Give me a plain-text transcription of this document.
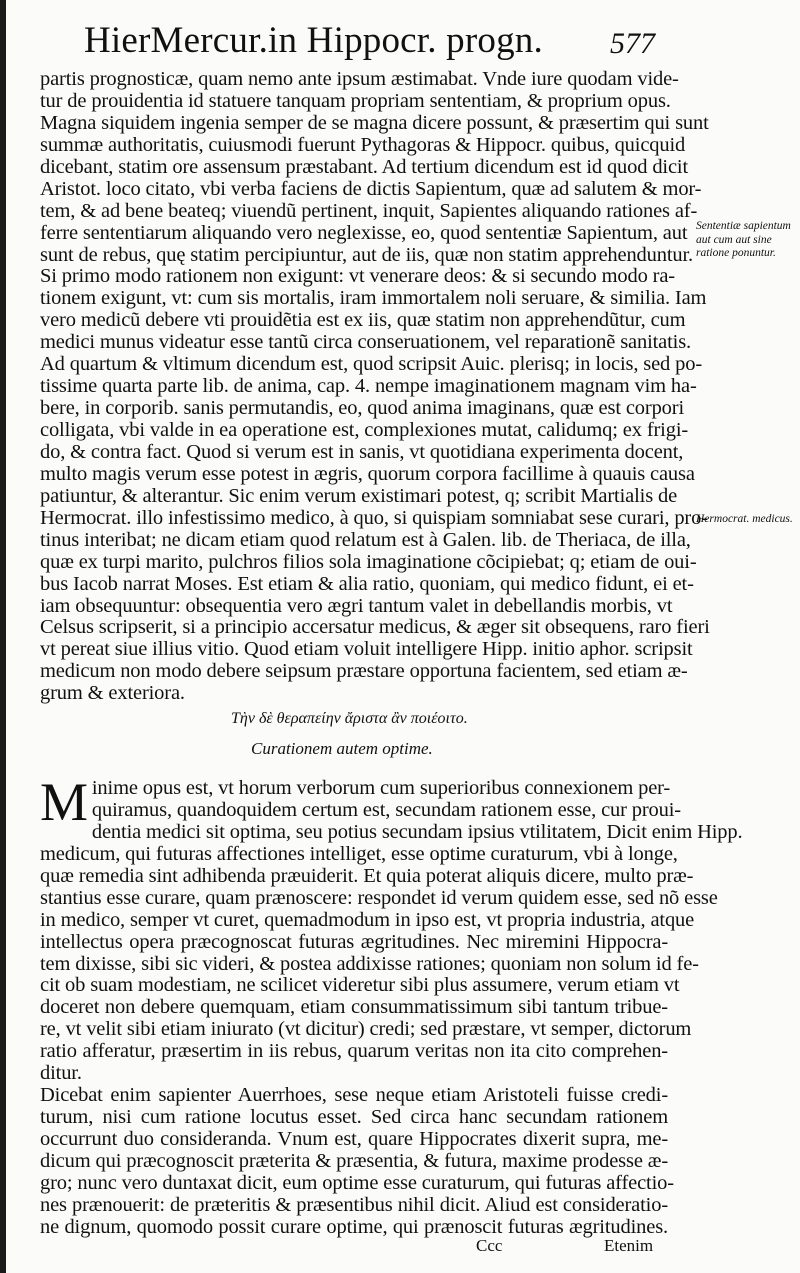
HierMercur.in Hippocr. progn.	577
partis prognosticæ, quam nemo ante ipsum æstimabat. Vnde iure quodam vide-
tur de prouidentia id statuere tanquam propriam sententiam, & proprium opus.
Magna siquidem ingenia semper de se magna dicere possunt, & præsertim qui sunt
summæ authoritatis, cuiusmodi fuerunt Pythagoras & Hippocr. quibus, quicquid
dicebant, statim ore assensum præstabant. Ad tertium dicendum est id quod dicit
Aristot. loco citato, vbi verba faciens de dictis Sapientum, quæ ad salutem & mor-
tem, & ad bene beateq; viuendũ pertinent, inquit, Sapientes aliquando rationes af-
ferre sententiarum aliquando vero neglexisse, eo, quod sententiæ Sapientum, aut
sunt de rebus, quę statim percipiuntur, aut de iis, quæ non statim apprehenduntur.
Si primo modo rationem non exigunt: vt venerare deos: & si secundo modo ra-
tionem exigunt, vt: cum sis mortalis, iram immortalem noli seruare, & similia. Iam
vero medicũ debere vti prouidẽtia est ex iis, quæ statim non apprehendũtur, cum
medici munus videatur esse tantũ circa conseruationem, vel reparationẽ sanitatis.
Ad quartum & vltimum dicendum est, quod scripsit Auic. plerisq; in locis, sed po-
tissime quarta parte lib. de anima, cap. 4. nempe imaginationem magnam vim ha-
bere, in corporib. sanis permutandis, eo, quod anima imaginans, quæ est corpori
colligata, vbi valde in ea operatione est, complexiones mutat, calidumq; ex frigi-
do, & contra fact. Quod si verum est in sanis, vt quotidiana experimenta docent,
multo magis verum esse potest in ægris, quorum corpora facillime à quauis causa
patiuntur, & alterantur. Sic enim verum existimari potest, q; scribit Martialis de
Hermocrat. illo infestissimo medico, à quo, si quispiam somniabat sese curari, pro-
tinus interibat; ne dicam etiam quod relatum est à Galen. lib. de Theriaca, de illa,
quæ ex turpi marito, pulchros filios sola imaginatione cõcipiebat; q; etiam de oui-
bus Iacob narrat Moses. Est etiam & alia ratio, quoniam, qui medico fidunt, ei et-
iam obsequuntur: obsequentia vero ægri tantum valet in debellandis morbis, vt
Celsus scripserit, si a principio accersatur medicus, & æger sit obsequens, raro fieri
vt pereat siue illius vitio. Quod etiam voluit intelligere Hipp. initio aphor. scripsit
medicum non modo debere seipsum præstare opportuna facientem, sed etiam æ-
grum & exteriora.
Sententiæ sapientum aut cum aut sine ratione ponuntur.
Hermocrat. medicus.
Τὴν δὲ θεραπείην ἄριστα ἂν ποιέοιτο.
Curationem autem optime.
M inime opus est, vt horum verborum cum superioribus connexionem per-
quiramus, quandoquidem certum est, secundam rationem esse, cur proui-
dentia medici sit optima, seu potius secundam ipsius vtilitatem, Dicit enim Hipp.
medicum, qui futuras affectiones intelliget, esse optime curaturum, vbi à longe,
quæ remedia sint adhibenda præuiderit. Et quia poterat aliquis dicere, multo præ-
stantius esse curare, quam prænoscere: respondet id verum quidem esse, sed nõ esse
in medico, semper vt curet, quemadmodum in ipso est, vt propria industria, atque
intellectus opera præcognoscat futuras ægritudines. Nec miremini Hippocra-
tem dixisse, sibi sic videri, & postea addixisse rationes; quoniam non solum id fe-
cit ob suam modestiam, ne scilicet videretur sibi plus assumere, verum etiam vt
doceret non debere quemquam, etiam consummatissimum sibi tantum tribue-
re, vt velit sibi etiam iniurato (vt dicitur) credi; sed præstare, vt semper, dictorum
ratio afferatur, præsertim in iis rebus, quarum veritas non ita cito comprehen-
ditur.
Dicebat enim sapienter Auerrhoes, sese neque etiam Aristoteli fuisse credi-
turum, nisi cum ratione locutus esset. Sed circa hanc secundam rationem
occurrunt duo consideranda. Vnum est, quare Hippocrates dixerit supra, me-
dicum qui præcognoscit præterita & præsentia, & futura, maxime prodesse æ-
gro; nunc vero duntaxat dicit, eum optime esse curaturum, qui futuras affectio-
nes prænouerit: de præteritis & præsentibus nihil dicit. Aliud est consideratio-
ne dignum, quomodo possit curare optime, qui prænoscit futuras ægritudines.
Ccc	Etenim
